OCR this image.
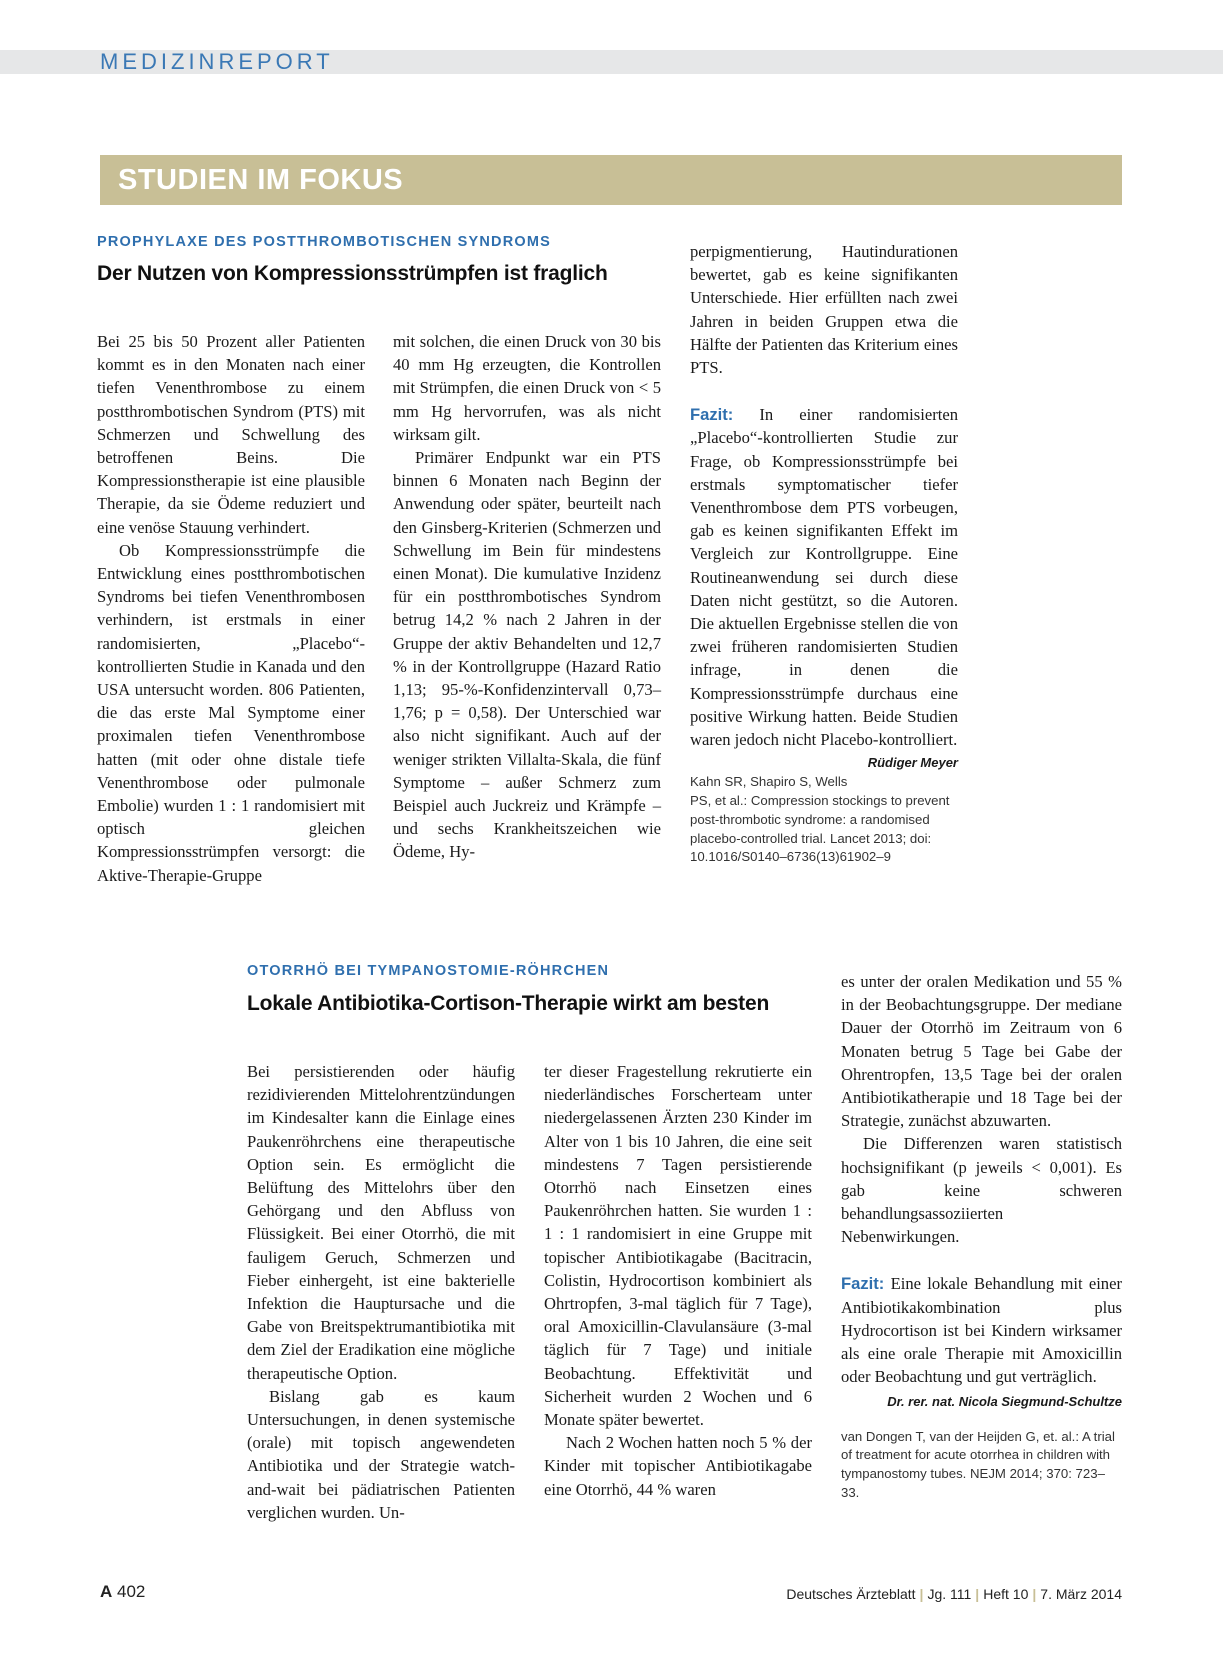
MEDIZINREPORT
STUDIEN IM FOKUS
PROPHYLAXE DES POSTTHROMBOTISCHEN SYNDROMS
Der Nutzen von Kompressionsstrümpfen ist fraglich

Bei 25 bis 50 Prozent aller Patienten kommt es in den Monaten nach einer tiefen Venenthrombose zu einem postthrombotischen Syndrom (PTS) mit Schmerzen und Schwellung des betroffenen Beins. Die Kompressionstherapie ist eine plausible Therapie, da sie Ödeme reduziert und eine venöse Stauung verhindert.

Ob Kompressionsstrümpfe die Entwicklung eines postthrombotischen Syndroms bei tiefen Venenthrombosen verhindern, ist erstmals in einer randomisierten, „Placebo“-kontrollierten Studie in Kanada und den USA untersucht worden. 806 Patienten, die das erste Mal Symptome einer proximalen tiefen Venenthrombose hatten (mit oder ohne distale tiefe Venenthrombose oder pulmonale Embolie) wurden 1 : 1 randomisiert mit optisch gleichen Kompressionsstrümpfen versorgt: die Aktive-Therapie-Gruppe

mit solchen, die einen Druck von 30 bis 40 mm Hg erzeugten, die Kontrollen mit Strümpfen, die einen Druck von < 5 mm Hg hervorrufen, was als nicht wirksam gilt.

Primärer Endpunkt war ein PTS binnen 6 Monaten nach Beginn der Anwendung oder später, beurteilt nach den Ginsberg-Kriterien (Schmerzen und Schwellung im Bein für mindestens einen Monat). Die kumulative Inzidenz für ein postthrombotisches Syndrom betrug 14,2 % nach 2 Jahren in der Gruppe der aktiv Behandelten und 12,7 % in der Kontrollgruppe (Hazard Ratio 1,13; 95-%-Konfidenzintervall 0,73–1,76; p = 0,58). Der Unterschied war also nicht signifikant. Auch auf der weniger strikten Villalta-Skala, die fünf Symptome – außer Schmerz zum Beispiel auch Juckreiz und Krämpfe – und sechs Krankheitszeichen wie Ödeme, Hy-

perpigmentierung, Hautindurationen bewertet, gab es keine signifikanten Unterschiede. Hier erfüllten nach zwei Jahren in beiden Gruppen etwa die Hälfte der Patienten das Kriterium eines PTS.

Fazit: In einer randomisierten „Placebo“-kontrollierten Studie zur Frage, ob Kompressionsstrümpfe bei erstmals symptomatischer tiefer Venenthrombose dem PTS vorbeugen, gab es keinen signifikanten Effekt im Vergleich zur Kontrollgruppe. Eine Routineanwendung sei durch diese Daten nicht gestützt, so die Autoren. Die aktuellen Ergebnisse stellen die von zwei früheren randomisierten Studien infrage, in denen die Kompressionsstrümpfe durchaus eine positive Wirkung hatten. Beide Studien waren jedoch nicht Placebo-kontrolliert.
Rüdiger Meyer

Kahn SR, Shapiro S, Wells PS, et al.: Compression stockings to prevent post-thrombotic syndrome: a randomised placebo-controlled trial. Lancet 2013; doi: 10.1016/S0140–6736(13)61902–9
OTORRHÖ BEI TYMPANOSTOMIE-RÖHRCHEN
Lokale Antibiotika-Cortison-Therapie wirkt am besten

Bei persistierenden oder häufig rezidivierenden Mittelohrentzündungen im Kindesalter kann die Einlage eines Paukenröhrchens eine therapeutische Option sein. Es ermöglicht die Belüftung des Mittelohrs über den Gehörgang und den Abfluss von Flüssigkeit. Bei einer Otorrhö, die mit fauligem Geruch, Schmerzen und Fieber einhergeht, ist eine bakterielle Infektion die Hauptursache und die Gabe von Breitspektrumantibiotika mit dem Ziel der Eradikation eine mögliche therapeutische Option.

Bislang gab es kaum Untersuchungen, in denen systemische (orale) mit topisch angewendeten Antibiotika und der Strategie watch-and-wait bei pädiatrischen Patienten verglichen wurden. Un-

ter dieser Fragestellung rekrutierte ein niederländisches Forscherteam unter niedergelassenen Ärzten 230 Kinder im Alter von 1 bis 10 Jahren, die eine seit mindestens 7 Tagen persistierende Otorrhö nach Einsetzen eines Paukenröhrchen hatten. Sie wurden 1 : 1 : 1 randomisiert in eine Gruppe mit topischer Antibiotikagabe (Bacitracin, Colistin, Hydrocortison kombiniert als Ohrtropfen, 3-mal täglich für 7 Tage), oral Amoxicillin-Clavulansäure (3-mal täglich für 7 Tage) und initiale Beobachtung. Effektivität und Sicherheit wurden 2 Wochen und 6 Monate später bewertet.

Nach 2 Wochen hatten noch 5 % der Kinder mit topischer Antibiotikagabe eine Otorrhö, 44 % waren

es unter der oralen Medikation und 55 % in der Beobachtungsgruppe. Der mediane Dauer der Otorrhö im Zeitraum von 6 Monaten betrug 5 Tage bei Gabe der Ohrentropfen, 13,5 Tage bei der oralen Antibiotikatherapie und 18 Tage bei der Strategie, zunächst abzuwarten.

Die Differenzen waren statistisch hochsignifikant (p jeweils < 0,001). Es gab keine schweren behandlungsassoziierten Nebenwirkungen.

Fazit: Eine lokale Behandlung mit einer Antibiotikakombination plus Hydrocortison ist bei Kindern wirksamer als eine orale Therapie mit Amoxicillin oder Beobachtung und gut verträglich.

Dr. rer. nat. Nicola Siegmund-Schultze
van Dongen T, van der Heijden G, et. al.: A trial of treatment for acute otorrhea in children with tympanostomy tubes. NEJM 2014; 370: 723–33.
A 402	Deutsches Ärzteblatt | Jg. 111 | Heft 10 | 7. März 2014
